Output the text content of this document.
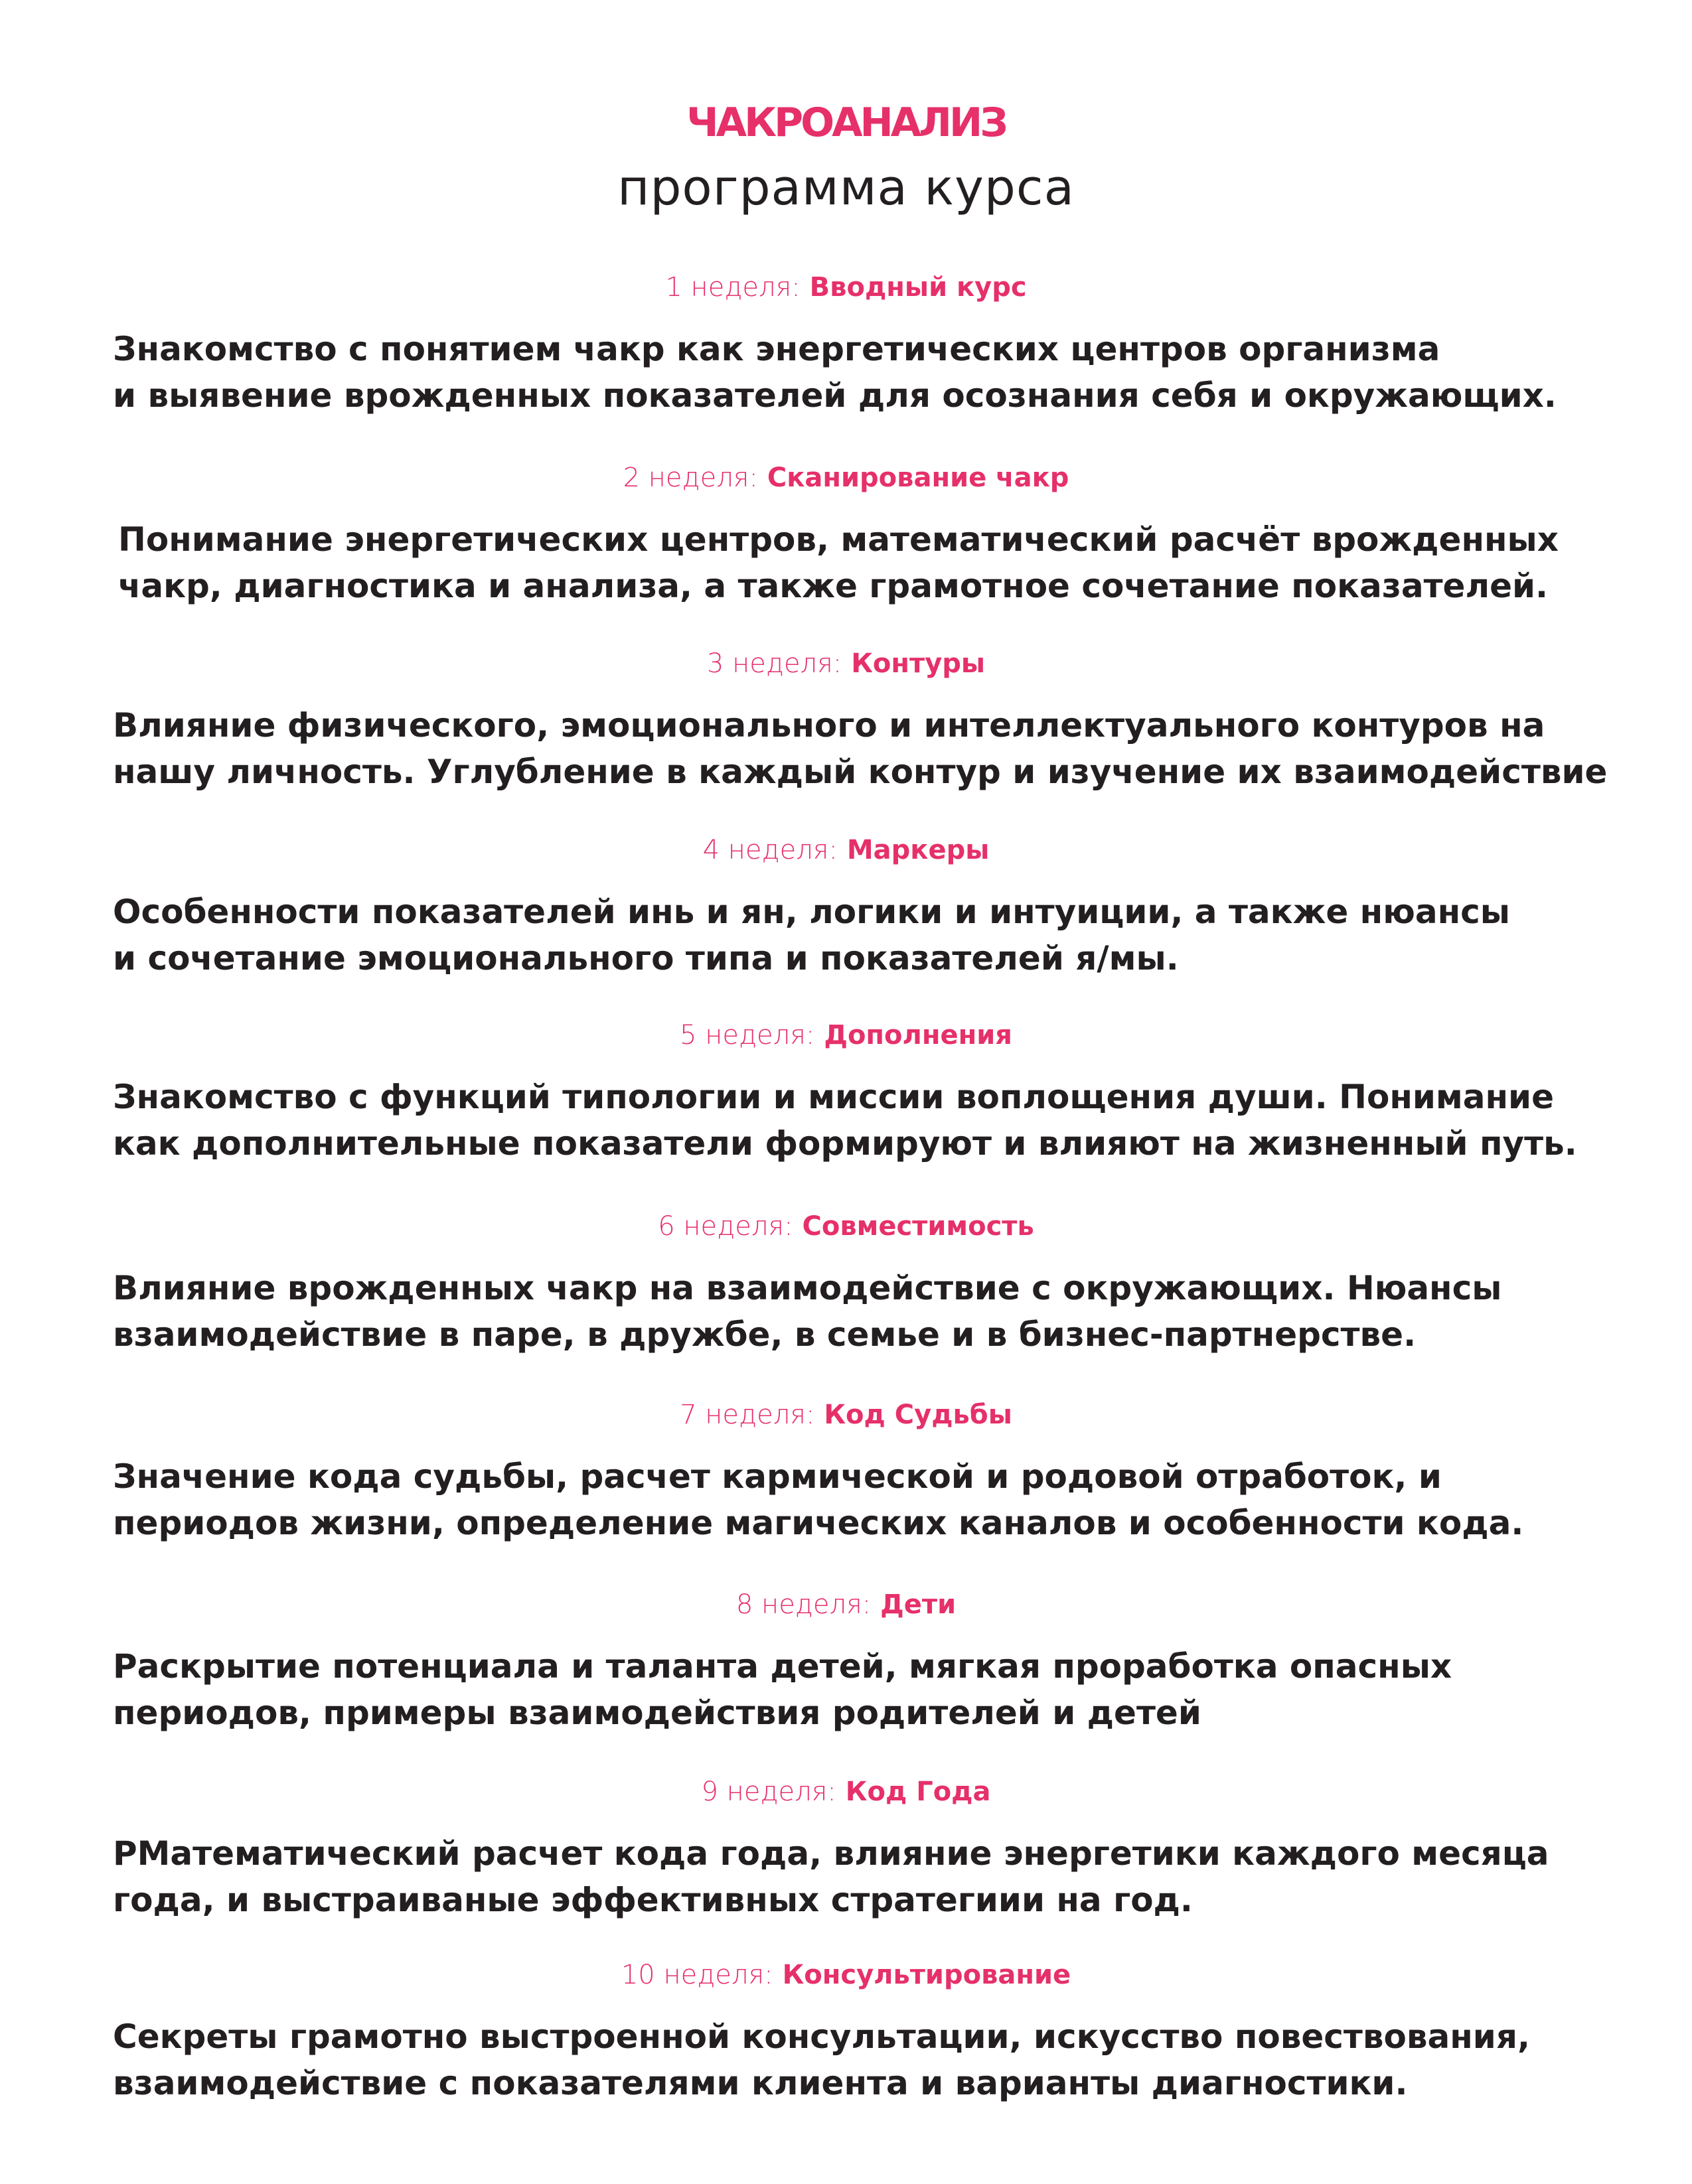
ЧАКРОАНАЛИЗ
программа курса
1 неделя: Вводный курс
Знакомство с понятием чакр как энергетических центров организма
и выявение врожденных показателей для осознания себя и окружающих.
2 неделя: Сканирование чакр
Понимание энергетических центров, математический расчёт врожденных
чакр, диагностика и анализа, а также грамотное сочетание показателей.
3 неделя: Контуры
Влияние физического, эмоционального и интеллектуального контуров на
нашу личность. Углубление в каждый контур и изучение их взаимодействие
4 неделя: Маркеры
Особенности показателей инь и ян, логики и интуиции, а также нюансы
и сочетание эмоционального типа и показателей я/мы.
5 неделя: Дополнения
Знакомство с функций типологии и миссии воплощения души. Понимание
как дополнительные показатели формируют и влияют на жизненный путь.
6 неделя: Совместимость
Влияние врожденных чакр на взаимодействие с окружающих. Нюансы
взаимодействие в паре, в дружбе, в семье и в бизнес-партнерстве.
7 неделя: Код Судьбы
Значение кода судьбы, расчет кармической и родовой отработок, и
периодов жизни, определение магических каналов и особенности кода.
8 неделя: Дети
Раскрытие потенциала и таланта детей, мягкая проработка опасных
периодов, примеры взаимодействия родителей и детей
9 неделя: Код Года
РМатематический расчет кода года, влияние энергетики каждого месяца
года, и выстраиваные эффективных стратегиии на год.
10 неделя: Консультирование
Секреты грамотно выстроенной консультации, искусство повествования,
взаимодействие с показателями клиента и варианты диагностики.
